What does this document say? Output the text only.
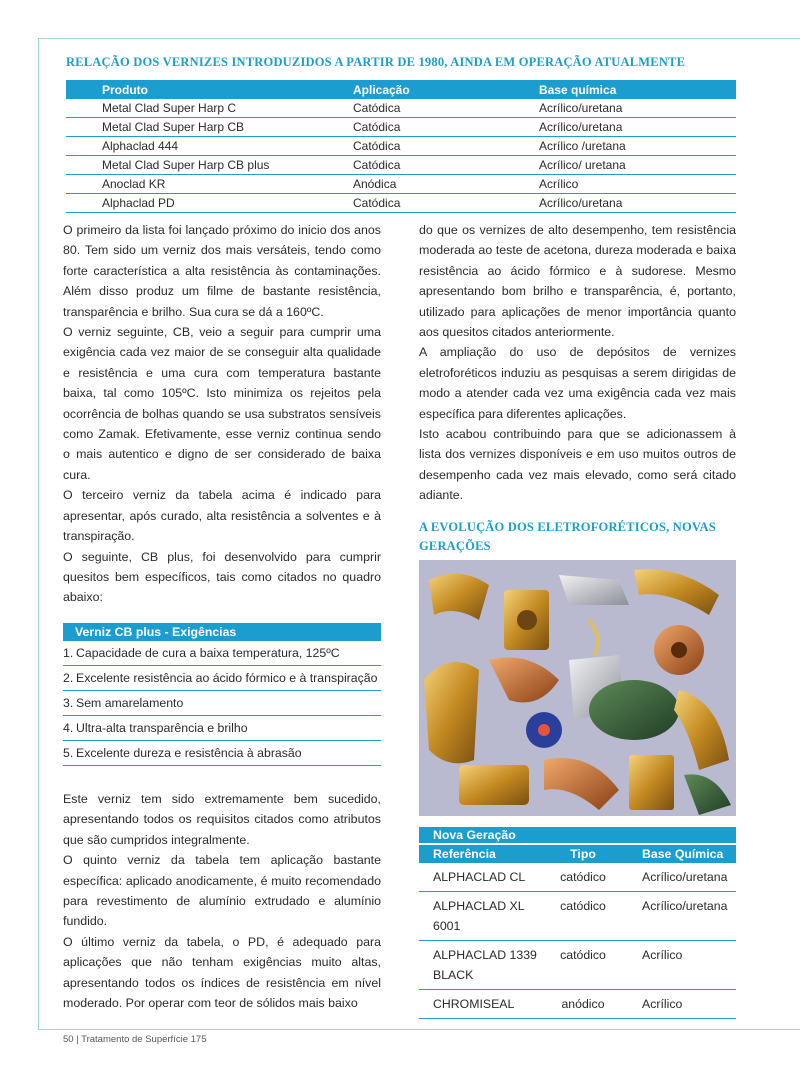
RELAÇÃO DOS VERNIZES INTRODUZIDOS A PARTIR DE 1980, AINDA EM OPERAÇÃO ATUALMENTE
Produto	Aplicação	Base química
Metal Clad Super Harp C	Catódica	Acrílico/uretana
Metal Clad Super Harp CB	Catódica	Acrílico/uretana
Alphaclad 444	Catódica	Acrílico /uretana
Metal Clad Super Harp CB plus	Catódica	Acrílico/ uretana
Anoclad KR	Anódica	Acrílico
Alphaclad PD	Catódica	Acrílico/uretana

O primeiro da lista foi lançado próximo do inicio dos anos 80. Tem sido um verniz dos mais versáteis, tendo como forte característica a alta resistência às contaminações. Além disso produz um filme de bastante resistência, transparência e brilho. Sua cura se dá a 160ºC.

O verniz seguinte, CB, veio a seguir para cumprir uma exigência cada vez maior de se conseguir alta qualidade e resistência e uma cura com temperatura bastante baixa, tal como 105ºC. Isto minimiza os rejeitos pela ocorrência de bolhas quando se usa substratos sensíveis como Zamak. Efetivamente, esse verniz continua sendo o mais autentico e digno de ser considerado de baixa cura.

O terceiro verniz da tabela acima é indicado para apresentar, após curado, alta resistência a solventes e à transpiração.

O seguinte, CB plus, foi desenvolvido para cumprir quesitos bem específicos, tais como citados no quadro abaixo:

Verniz CB plus - Exigências
1. Capacidade de cura a baixa temperatura, 125ºC
2. Excelente resistência ao ácido fórmico e à transpiração
3. Sem amarelamento
4. Ultra-alta transparência e brilho
5. Excelente dureza e resistência à abrasão

Este verniz tem sido extremamente bem sucedido, apresentando todos os requisitos citados como atributos que são cumpridos integralmente.

O quinto verniz da tabela tem aplicação bastante específica: aplicado anodicamente, é muito recomendado para revestimento de alumínio extrudado e alumínio fundido.

O último verniz da tabela, o PD, é adequado para aplicações que não tenham exigências muito altas, apresentando todos os índices de resistência em nível moderado. Por operar com teor de sólidos mais baixo

do que os vernizes de alto desempenho, tem resistência moderada ao teste de acetona, dureza moderada e baixa resistência ao ácido fórmico e à sudorese. Mesmo apresentando bom brilho e transparência, é, portanto, utilizado para aplicações de menor importância quanto aos quesitos citados anteriormente.

A ampliação do uso de depósitos de vernizes eletroforéticos induziu as pesquisas a serem dirigidas de modo a atender cada vez uma exigência cada vez mais específica para diferentes aplicações.

Isto acabou contribuindo para que se adicionassem à lista dos vernizes disponíveis e em uso muitos outros de desempenho cada vez mais elevado, como será citado adiante.

A EVOLUÇÃO DOS ELETROFORÉTICOS, NOVAS GERAÇÕES
Nova Geração
Referência	Tipo	Base Química
ALPHACLAD CL	catódico	Acrílico/uretana
ALPHACLAD XL 6001	catódico	Acrílico/uretana
ALPHACLAD 1339 BLACK	catódico	Acrílico
CHROMISEAL	anódico	Acrílico
50 | Tratamento de Superfície 175
